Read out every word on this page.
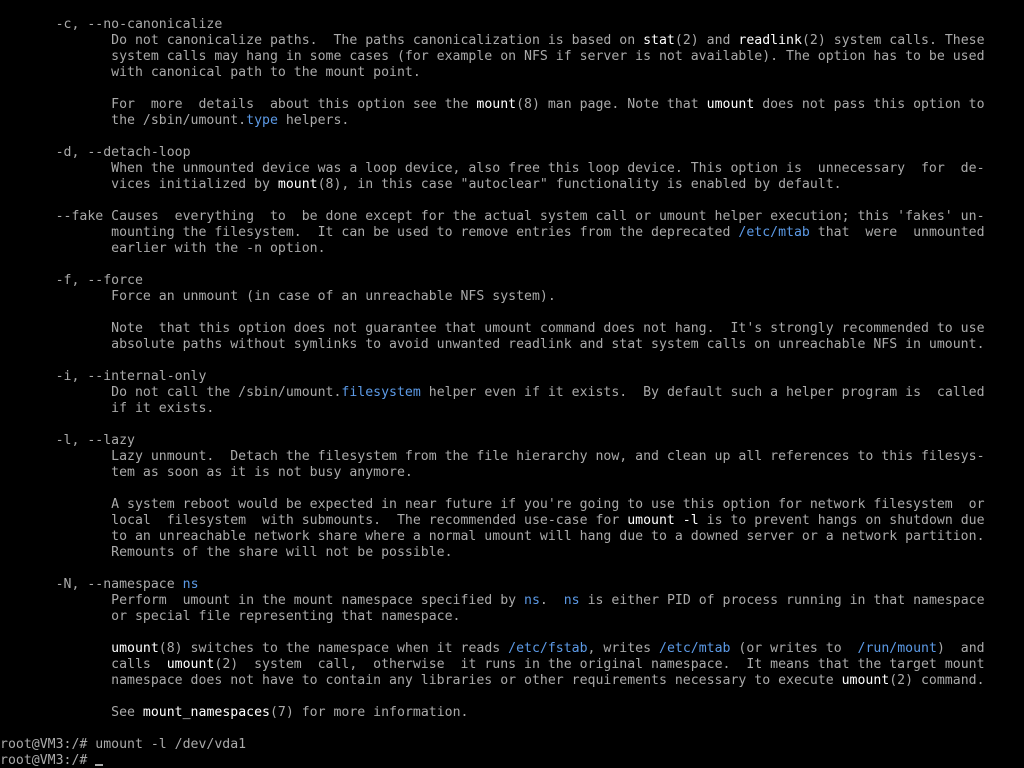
-c, --no-canonicalize
Do not canonicalize paths.  The paths canonicalization is based on stat(2) and readlink(2) system calls. These
system calls may hang in some cases (for example on NFS if server is not available). The option has to be used
with canonical path to the mount point.
For  more  details  about this option see the mount(8) man page. Note that umount does not pass this option to
the /sbin/umount.type helpers.
-d, --detach-loop
When the unmounted device was a loop device, also free this loop device. This option is  unnecessary  for  de-
vices initialized by mount(8), in this case "autoclear" functionality is enabled by default.
--fake Causes  everything  to  be done except for the actual system call or umount helper execution; this 'fakes' un-
mounting the filesystem.  It can be used to remove entries from the deprecated /etc/mtab that  were  unmounted
earlier with the -n option.
-f, --force
Force an unmount (in case of an unreachable NFS system).
Note  that this option does not guarantee that umount command does not hang.  It's strongly recommended to use
absolute paths without symlinks to avoid unwanted readlink and stat system calls on unreachable NFS in umount.
-i, --internal-only
Do not call the /sbin/umount.filesystem helper even if it exists.  By default such a helper program is  called
if it exists.
-l, --lazy
Lazy unmount.  Detach the filesystem from the file hierarchy now, and clean up all references to this filesys-
tem as soon as it is not busy anymore.
A system reboot would be expected in near future if you're going to use this option for network filesystem  or
local  filesystem  with submounts.  The recommended use-case for umount -l is to prevent hangs on shutdown due
to an unreachable network share where a normal umount will hang due to a downed server or a network partition.
Remounts of the share will not be possible.
-N, --namespace ns
Perform  umount in the mount namespace specified by ns.  ns is either PID of process running in that namespace
or special file representing that namespace.
umount(8) switches to the namespace when it reads /etc/fstab, writes /etc/mtab (or writes to  /run/mount)  and
calls  umount(2)  system  call,  otherwise  it runs in the original namespace.  It means that the target mount
namespace does not have to contain any libraries or other requirements necessary to execute umount(2) command.
See mount_namespaces(7) for more information.
root@VM3:/# umount -l /dev/vda1
root@VM3:/#
